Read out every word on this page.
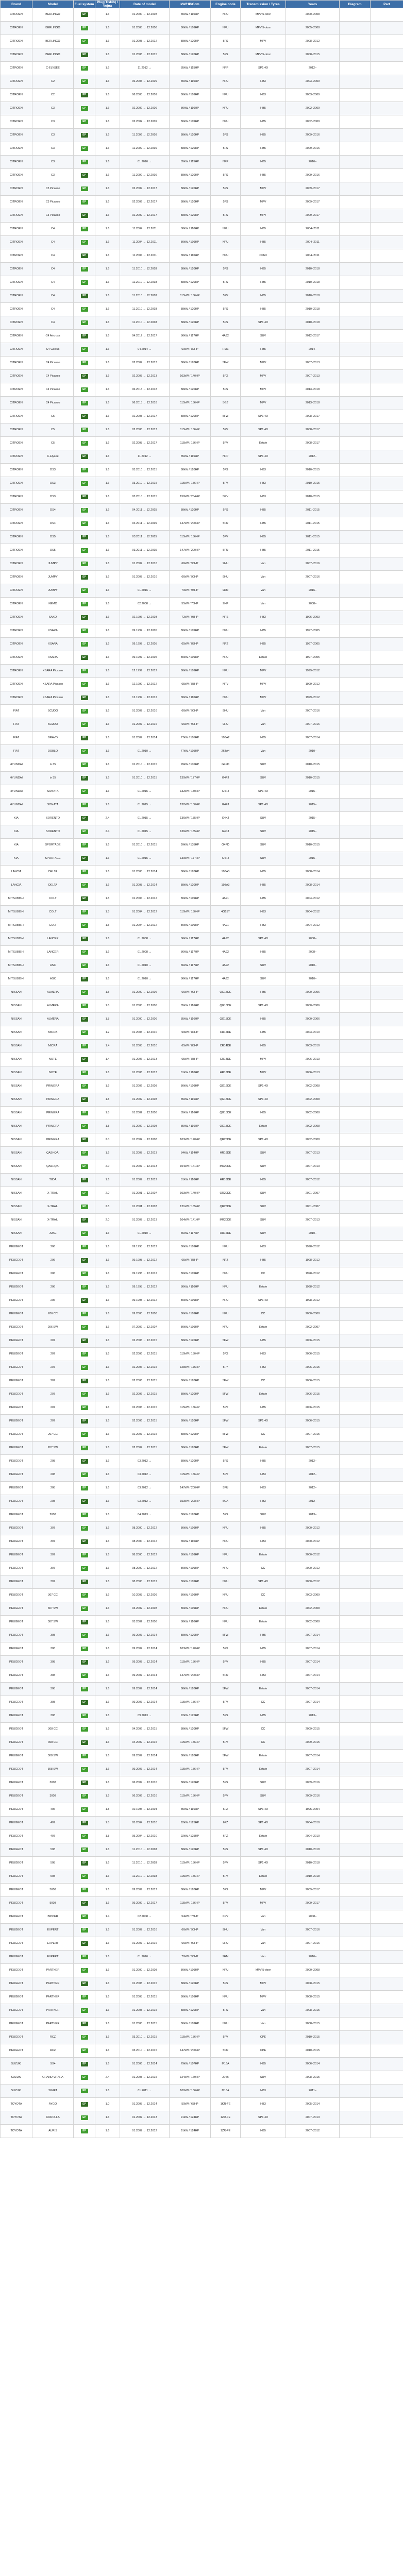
Brand	Model	Fuel system	Plug(Tiskih) / Vojna	Date of model	kW/HP/Ccm	Engine code	Transmission / Tyres	Years	Diagram	Part
CITROEN	BERLINGO	EP	1.6	01.2000 → 12.2008	80kW / 110HP	NFU	MPV 5-door	2000–2008		
CITROEN	BERLINGO	EP	1.6	01.2005 → 12.2008	80kW / 109HP	NFU	MPV 5-door	2005–2008		
CITROEN	BERLINGO	EP	1.6	01.2008 → 12.2012	88kW / 120HP	5FS	MPV	2008–2012		
CITROEN	BERLINGO	EP	1.6	01.2008 → 12.2015	88kW / 120HP	5FS	MPV 5-door	2008–2015		
CITROEN	C-ELYSEE	EP	1.6	11.2012 →	85kW / 115HP	NFP	SP1 4D	2012–		
CITROEN	C2	EP	1.6	06.2003 → 12.2009	80kW / 110HP	NFU	HB3	2003–2009		
CITROEN	C2	EP	1.6	06.2003 → 12.2009	80kW / 109HP	NFU	HB3	2003–2009		
CITROEN	C3	EP	1.6	02.2002 → 12.2009	80kW / 110HP	NFU	HB5	2002–2009		
CITROEN	C3	EP	1.6	02.2002 → 12.2009	80kW / 109HP	NFU	HB5	2002–2009		
CITROEN	C3	EP	1.6	11.2009 → 12.2016	88kW / 120HP	5FS	HB5	2009–2016		
CITROEN	C3	EP	1.6	11.2009 → 12.2016	88kW / 120HP	5FS	HB5	2009–2016		
CITROEN	C3	EP	1.6	01.2016 →	85kW / 115HP	NFP	HB5	2016–		
CITROEN	C3	EP	1.6	11.2009 → 12.2016	88kW / 120HP	5FS	HB5	2009–2016		
CITROEN	C3 Picasso	EP	1.6	02.2009 → 12.2017	88kW / 120HP	5FS	MPV	2009–2017		
CITROEN	C3 Picasso	EP	1.6	02.2009 → 12.2017	88kW / 120HP	5FS	MPV	2009–2017		
CITROEN	C3 Picasso	EP	1.6	02.2009 → 12.2017	88kW / 120HP	5FS	MPV	2009–2017		
CITROEN	C4	EP	1.6	11.2004 → 12.2011	80kW / 110HP	NFU	HB5	2004–2011		
CITROEN	C4	EP	1.6	11.2004 → 12.2011	80kW / 109HP	NFU	HB5	2004–2011		
CITROEN	C4	EP	1.6	11.2004 → 12.2011	80kW / 110HP	NFU	CPE3	2004–2011		
CITROEN	C4	EP	1.6	11.2010 → 12.2018	88kW / 120HP	5FS	HB5	2010–2018		
CITROEN	C4	EP	1.6	11.2010 → 12.2018	88kW / 120HP	5FS	HB5	2010–2018		
CITROEN	C4	EP	1.6	11.2010 → 12.2018	115kW / 156HP	5FV	HB5	2010–2018		
CITROEN	C4	EP	1.6	11.2010 → 12.2018	88kW / 120HP	5FS	HB5	2010–2018		
CITROEN	C4	EP	1.6	11.2010 → 12.2018	88kW / 120HP	5FS	SP1 4D	2010–2018		
CITROEN	C4 Aircross	EP	1.6	04.2012 → 12.2017	86kW / 117HP	4A92	SUV	2012–2017		
CITROEN	C4 Cactus	EP	1.6	04.2014 →	60kW / 82HP	HMZ	HB5	2014–		
CITROEN	C4 Picasso	EP	1.6	02.2007 → 12.2013	88kW / 120HP	5FW	MPV	2007–2013		
CITROEN	C4 Picasso	EP	1.6	02.2007 → 12.2013	103kW / 140HP	5FX	MPV	2007–2013		
CITROEN	C4 Picasso	EP	1.6	06.2013 → 12.2018	88kW / 120HP	5FS	MPV	2013–2018		
CITROEN	C4 Picasso	EP	1.6	06.2013 → 12.2018	115kW / 156HP	5GZ	MPV	2013–2018		
CITROEN	C5	EP	1.6	02.2008 → 12.2017	88kW / 120HP	5FW	SP1 4D	2008–2017		
CITROEN	C5	EP	1.6	02.2008 → 12.2017	115kW / 156HP	5FV	SP1 4D	2008–2017		
CITROEN	C5	EP	1.6	02.2008 → 12.2017	115kW / 156HP	5FV	Estate	2008–2017		
CITROEN	C-Elysee	EP	1.6	11.2012 →	85kW / 115HP	NFP	SP1 4D	2012–		
CITROEN	DS3	EP	1.6	03.2010 → 12.2015	88kW / 120HP	5FS	HB3	2010–2015		
CITROEN	DS3	EP	1.6	03.2010 → 12.2015	115kW / 156HP	5FV	HB3	2010–2015		
CITROEN	DS3	EP	1.6	03.2010 → 12.2015	150kW / 204HP	5GV	HB3	2010–2015		
CITROEN	DS4	EP	1.6	04.2011 → 12.2015	88kW / 120HP	5FS	HB5	2011–2015		
CITROEN	DS4	EP	1.6	04.2011 → 12.2015	147kW / 200HP	5FU	HB5	2011–2015		
CITROEN	DS5	EP	1.6	03.2011 → 12.2015	115kW / 156HP	5FV	HB5	2011–2015		
CITROEN	DS5	EP	1.6	03.2011 → 12.2015	147kW / 200HP	5FU	HB5	2011–2015		
CITROEN	JUMPY	EP	1.6	01.2007 → 12.2016	66kW / 90HP	9HU	Van	2007–2016		
CITROEN	JUMPY	EP	1.6	01.2007 → 12.2016	66kW / 90HP	9HU	Van	2007–2016		
CITROEN	JUMPY	EP	1.6	01.2016 →	70kW / 95HP	9HM	Van	2016–		
CITROEN	NEMO	EP	1.6	02.2008 →	55kW / 75HP	9HP	Van	2008–		
CITROEN	SAXO	EP	1.6	02.1996 → 12.2003	72kW / 98HP	NFS	HB3	1996–2003		
CITROEN	XSARA	EP	1.6	09.1997 → 12.2005	80kW / 109HP	NFU	HB5	1997–2005		
CITROEN	XSARA	EP	1.6	09.1997 → 12.2005	65kW / 88HP	NFZ	HB5	1997–2005		
CITROEN	XSARA	EP	1.6	09.1997 → 12.2005	80kW / 109HP	NFU	Estate	1997–2005		
CITROEN	XSARA Picasso	EP	1.6	12.1999 → 12.2012	80kW / 109HP	NFU	MPV	1999–2012		
CITROEN	XSARA Picasso	EP	1.6	12.1999 → 12.2012	65kW / 88HP	NFV	MPV	1999–2012		
CITROEN	XSARA Picasso	EP	1.6	12.1999 → 12.2012	80kW / 110HP	NFU	MPV	1999–2012		
FIAT	SCUDO	EP	1.6	01.2007 → 12.2016	66kW / 90HP	9HU	Van	2007–2016		
FIAT	SCUDO	EP	1.6	01.2007 → 12.2016	66kW / 90HP	9HU	Van	2007–2016		
FIAT	BRAVO	EP	1.6	01.2007 → 12.2014	77kW / 105HP	198A2	HB5	2007–2014		
FIAT	DOBLO	EP	1.6	01.2010 →	77kW / 105HP	263A4	Van	2010–		
HYUNDAI	ix 35	EP	1.6	01.2010 → 12.2015	99kW / 135HP	G4FD	SUV	2010–2015		
HYUNDAI	ix 35	EP	1.6	01.2010 → 12.2015	130kW / 177HP	G4FJ	SUV	2010–2015		
HYUNDAI	SONATA	EP	1.6	01.2015 →	132kW / 180HP	G4FJ	SP1 4D	2015–		
HYUNDAI	SONATA	EP	1.6	01.2015 →	132kW / 180HP	G4FJ	SP1 4D	2015–		
KIA	SORENTO	EP	2.4	01.2015 →	136kW / 185HP	G4KJ	SUV	2015–		
KIA	SORENTO	EP	2.4	01.2015 →	136kW / 185HP	G4KJ	SUV	2015–		
KIA	SPORTAGE	EP	1.6	01.2010 → 12.2015	99kW / 135HP	G4FD	SUV	2010–2015		
KIA	SPORTAGE	EP	1.6	01.2015 →	130kW / 177HP	G4FJ	SUV	2015–		
LANCIA	DELTA	EP	1.6	01.2008 → 12.2014	88kW / 120HP	198A3	HB5	2008–2014		
LANCIA	DELTA	EP	1.6	01.2008 → 12.2014	88kW / 120HP	198A3	HB5	2008–2014		
MITSUBISHI	COLT	EP	1.5	01.2004 → 12.2012	80kW / 109HP	4A91	HB5	2004–2012		
MITSUBISHI	COLT	EP	1.5	01.2004 → 12.2012	110kW / 150HP	4G15T	HB3	2004–2012		
MITSUBISHI	COLT	EP	1.5	01.2004 → 12.2012	80kW / 109HP	4A91	HB3	2004–2012		
MITSUBISHI	LANCER	EP	1.6	01.2008 →	86kW / 117HP	4A92	SP1 4D	2008–		
MITSUBISHI	LANCER	EP	1.6	01.2008 →	86kW / 117HP	4A92	HB5	2008–		
MITSUBISHI	ASX	EP	1.6	01.2010 →	86kW / 117HP	4A92	SUV	2010–		
MITSUBISHI	ASX	EP	1.6	01.2010 →	86kW / 117HP	4A92	SUV	2010–		
NISSAN	ALMERA	EP	1.5	01.2000 → 12.2006	66kW / 90HP	QG15DE	HB5	2000–2006		
NISSAN	ALMERA	EP	1.8	01.2000 → 12.2006	85kW / 116HP	QG18DE	SP1 4D	2000–2006		
NISSAN	ALMERA	EP	1.8	01.2000 → 12.2006	85kW / 116HP	QG18DE	HB5	2000–2006		
NISSAN	MICRA	EP	1.2	01.2003 → 12.2010	59kW / 80HP	CR12DE	HB5	2003–2010		
NISSAN	MICRA	EP	1.4	01.2003 → 12.2010	65kW / 88HP	CR14DE	HB5	2003–2010		
NISSAN	NOTE	EP	1.4	01.2006 → 12.2013	65kW / 88HP	CR14DE	MPV	2006–2013		
NISSAN	NOTE	EP	1.6	01.2006 → 12.2013	81kW / 110HP	HR16DE	MPV	2006–2013		
NISSAN	PRIMERA	EP	1.6	01.2002 → 12.2008	80kW / 109HP	QG16DE	SP1 4D	2002–2008		
NISSAN	PRIMERA	EP	1.8	01.2002 → 12.2008	85kW / 116HP	QG18DE	SP1 4D	2002–2008		
NISSAN	PRIMERA	EP	1.8	01.2002 → 12.2008	85kW / 116HP	QG18DE	HB5	2002–2008		
NISSAN	PRIMERA	EP	1.8	01.2002 → 12.2008	85kW / 116HP	QG18DE	Estate	2002–2008		
NISSAN	PRIMERA	EP	2.0	01.2002 → 12.2008	103kW / 140HP	QR20DE	SP1 4D	2002–2008		
NISSAN	QASHQAI	EP	1.6	01.2007 → 12.2013	84kW / 114HP	HR16DE	SUV	2007–2013		
NISSAN	QASHQAI	EP	2.0	01.2007 → 12.2013	104kW / 141HP	MR20DE	SUV	2007–2013		
NISSAN	TIIDA	EP	1.6	01.2007 → 12.2012	81kW / 110HP	HR16DE	HB5	2007–2012		
NISSAN	X-TRAIL	EP	2.0	01.2001 → 12.2007	103kW / 140HP	QR20DE	SUV	2001–2007		
NISSAN	X-TRAIL	EP	2.5	01.2001 → 12.2007	121kW / 165HP	QR25DE	SUV	2001–2007		
NISSAN	X-TRAIL	EP	2.0	01.2007 → 12.2013	104kW / 141HP	MR20DE	SUV	2007–2013		
NISSAN	JUKE	EP	1.6	01.2010 →	86kW / 117HP	HR16DE	SUV	2010–		
PEUGEOT	206	EP	1.6	09.1998 → 12.2012	80kW / 109HP	NFU	HB3	1998–2012		
PEUGEOT	206	EP	1.6	09.1998 → 12.2012	65kW / 88HP	NFZ	HB5	1998–2012		
PEUGEOT	206	EP	1.6	09.1998 → 12.2012	80kW / 109HP	NFU	CC	1998–2012		
PEUGEOT	206	EP	1.6	09.1998 → 12.2012	80kW / 110HP	NFU	Estate	1998–2012		
PEUGEOT	206	EP	1.6	09.1998 → 12.2012	80kW / 109HP	NFU	SP1 4D	1998–2012		
PEUGEOT	206 CC	EP	1.6	09.2000 → 12.2008	80kW / 109HP	NFU	CC	2000–2008		
PEUGEOT	206 SW	EP	1.6	07.2002 → 12.2007	80kW / 109HP	NFU	Estate	2002–2007		
PEUGEOT	207	EP	1.6	02.2006 → 12.2015	88kW / 120HP	5FW	HB5	2006–2015		
PEUGEOT	207	EP	1.6	02.2006 → 12.2015	110kW / 150HP	5FX	HB3	2006–2015		
PEUGEOT	207	EP	1.6	02.2006 → 12.2015	128kW / 175HP	5FY	HB3	2006–2015		
PEUGEOT	207	EP	1.6	02.2006 → 12.2015	88kW / 120HP	5FW	CC	2006–2015		
PEUGEOT	207	EP	1.6	02.2006 → 12.2015	88kW / 120HP	5FW	Estate	2006–2015		
PEUGEOT	207	EP	1.6	02.2006 → 12.2015	115kW / 156HP	5FV	HB5	2006–2015		
PEUGEOT	207	EP	1.6	02.2006 → 12.2015	88kW / 120HP	5FW	SP1 4D	2006–2015		
PEUGEOT	207 CC	EP	1.6	02.2007 → 12.2015	88kW / 120HP	5FW	CC	2007–2015		
PEUGEOT	207 SW	EP	1.6	02.2007 → 12.2015	88kW / 120HP	5FW	Estate	2007–2015		
PEUGEOT	208	EP	1.6	03.2012 →	88kW / 120HP	5FS	HB5	2012–		
PEUGEOT	208	EP	1.6	03.2012 →	115kW / 156HP	5FV	HB3	2012–		
PEUGEOT	208	EP	1.6	03.2012 →	147kW / 200HP	5FU	HB3	2012–		
PEUGEOT	208	EP	1.6	03.2012 →	153kW / 208HP	5GA	HB3	2012–		
PEUGEOT	2008	EP	1.6	04.2013 →	88kW / 120HP	5FS	SUV	2013–		
PEUGEOT	307	EP	1.6	08.2000 → 12.2012	80kW / 109HP	NFU	HB5	2000–2012		
PEUGEOT	307	EP	1.6	08.2000 → 12.2012	80kW / 110HP	NFU	HB3	2000–2012		
PEUGEOT	307	EP	1.6	08.2000 → 12.2012	80kW / 109HP	NFU	Estate	2000–2012		
PEUGEOT	307	EP	1.6	08.2000 → 12.2012	80kW / 109HP	NFU	CC	2000–2012		
PEUGEOT	307	EP	1.6	08.2000 → 12.2012	80kW / 109HP	NFU	SP1 4D	2000–2012		
PEUGEOT	307 CC	EP	1.6	10.2003 → 12.2009	80kW / 109HP	NFU	CC	2003–2009		
PEUGEOT	307 SW	EP	1.6	03.2002 → 12.2008	80kW / 109HP	NFU	Estate	2002–2008		
PEUGEOT	307 SW	EP	1.6	03.2002 → 12.2008	80kW / 110HP	NFU	Estate	2002–2008		
PEUGEOT	308	EP	1.6	09.2007 → 12.2014	88kW / 120HP	5FW	HB5	2007–2014		
PEUGEOT	308	EP	1.6	09.2007 → 12.2014	103kW / 140HP	5FX	HB5	2007–2014		
PEUGEOT	308	EP	1.6	09.2007 → 12.2014	115kW / 156HP	5FV	HB5	2007–2014		
PEUGEOT	308	EP	1.6	09.2007 → 12.2014	147kW / 200HP	5FU	HB3	2007–2014		
PEUGEOT	308	EP	1.6	09.2007 → 12.2014	88kW / 120HP	5FW	Estate	2007–2014		
PEUGEOT	308	EP	1.6	09.2007 → 12.2014	115kW / 156HP	5FV	CC	2007–2014		
PEUGEOT	308	EP	1.6	09.2013 →	92kW / 125HP	5FS	HB5	2013–		
PEUGEOT	308 CC	EP	1.6	04.2009 → 12.2015	88kW / 120HP	5FW	CC	2009–2015		
PEUGEOT	308 CC	EP	1.6	04.2009 → 12.2015	115kW / 156HP	5FV	CC	2009–2015		
PEUGEOT	308 SW	EP	1.6	09.2007 → 12.2014	88kW / 120HP	5FW	Estate	2007–2014		
PEUGEOT	308 SW	EP	1.6	09.2007 → 12.2014	115kW / 156HP	5FV	Estate	2007–2014		
PEUGEOT	3008	EP	1.6	06.2009 → 12.2016	88kW / 120HP	5FS	SUV	2009–2016		
PEUGEOT	3008	EP	1.6	06.2009 → 12.2016	115kW / 156HP	5FV	SUV	2009–2016		
PEUGEOT	406	EP	1.8	10.1995 → 12.2004	85kW / 116HP	6FZ	SP1 4D	1995–2004		
PEUGEOT	407	EP	1.8	05.2004 → 12.2010	92kW / 125HP	6FZ	SP1 4D	2004–2010		
PEUGEOT	407	EP	1.8	05.2004 → 12.2010	92kW / 125HP	6FZ	Estate	2004–2010		
PEUGEOT	508	EP	1.6	11.2010 → 12.2018	88kW / 120HP	5FS	SP1 4D	2010–2018		
PEUGEOT	508	EP	1.6	11.2010 → 12.2018	115kW / 156HP	5FV	SP1 4D	2010–2018		
PEUGEOT	508	EP	1.6	11.2010 → 12.2018	115kW / 156HP	5FV	Estate	2010–2018		
PEUGEOT	5008	EP	1.6	09.2009 → 12.2017	88kW / 120HP	5FS	MPV	2009–2017		
PEUGEOT	5008	EP	1.6	09.2009 → 12.2017	115kW / 156HP	5FV	MPV	2009–2017		
PEUGEOT	BIPPER	EP	1.4	02.2008 →	54kW / 73HP	KFV	Van	2008–		
PEUGEOT	EXPERT	EP	1.6	01.2007 → 12.2016	66kW / 90HP	9HU	Van	2007–2016		
PEUGEOT	EXPERT	EP	1.6	01.2007 → 12.2016	66kW / 90HP	9HU	Van	2007–2016		
PEUGEOT	EXPERT	EP	1.6	01.2016 →	70kW / 95HP	9HM	Van	2016–		
PEUGEOT	PARTNER	EP	1.6	01.2000 → 12.2008	80kW / 109HP	NFU	MPV 5-door	2000–2008		
PEUGEOT	PARTNER	EP	1.6	01.2008 → 12.2015	88kW / 120HP	5FS	MPV	2008–2015		
PEUGEOT	PARTNER	EP	1.6	01.2008 → 12.2015	80kW / 109HP	NFU	MPV	2008–2015		
PEUGEOT	PARTNER	EP	1.6	01.2008 → 12.2015	88kW / 120HP	5FS	Van	2008–2015		
PEUGEOT	PARTNER	EP	1.6	01.2008 → 12.2015	80kW / 109HP	NFU	Van	2008–2015		
PEUGEOT	RCZ	EP	1.6	03.2010 → 12.2015	115kW / 156HP	5FV	CPE	2010–2015		
PEUGEOT	RCZ	EP	1.6	03.2010 → 12.2015	147kW / 200HP	5FU	CPE	2010–2015		
SUZUKI	SX4	EP	1.6	01.2006 → 12.2014	79kW / 107HP	M16A	HB5	2006–2014		
SUZUKI	GRAND VITARA	EP	2.4	01.2008 → 12.2015	124kW / 169HP	J24B	SUV	2008–2015		
SUZUKI	SWIFT	EP	1.6	01.2011 →	100kW / 136HP	M16A	HB3	2011–		
TOYOTA	AYGO	EP	1.0	01.2005 → 12.2014	50kW / 68HP	1KR-FE	HB3	2005–2014		
TOYOTA	COROLLA	EP	1.6	01.2007 → 12.2013	91kW / 124HP	1ZR-FE	SP1 4D	2007–2013		
TOYOTA	AURIS	EP	1.6	01.2007 → 12.2012	91kW / 124HP	1ZR-FE	HB5	2007–2012		
